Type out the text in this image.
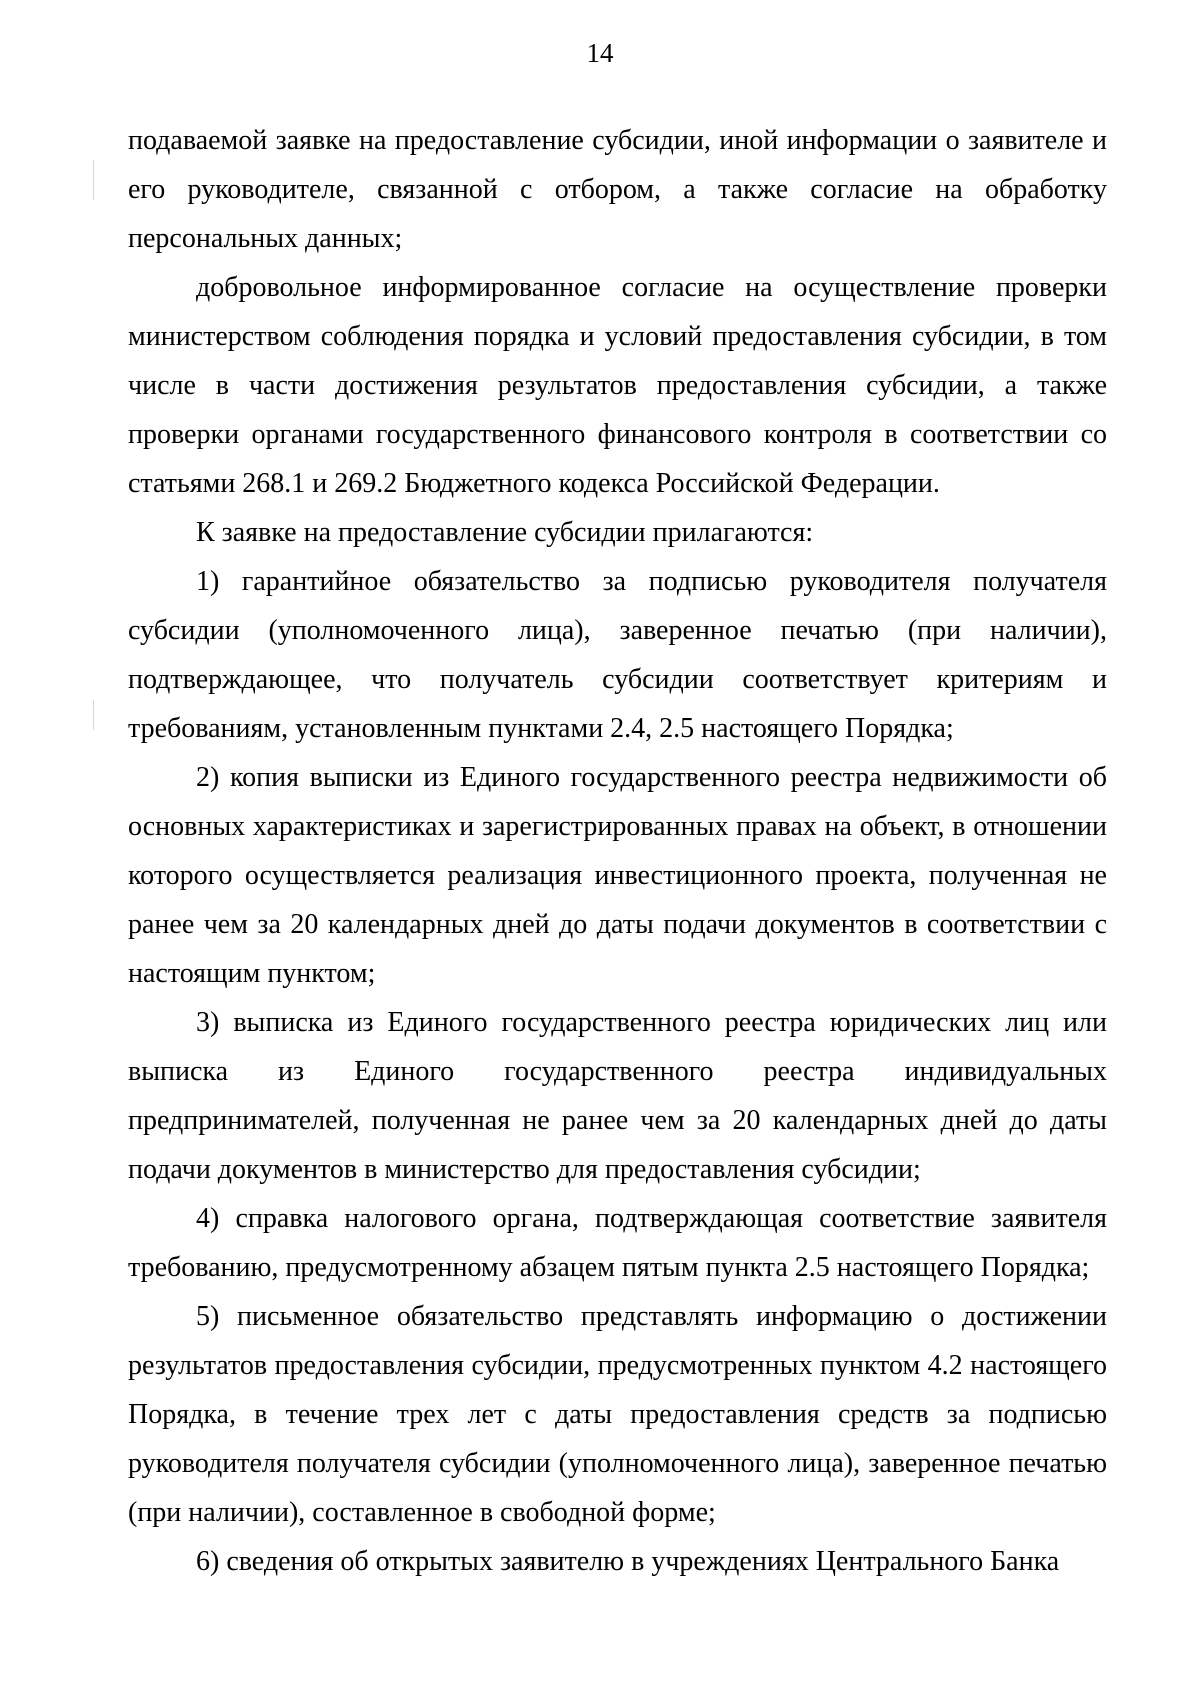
14

подаваемой заявке на предоставление субсидии, иной информации о заявителе и его руководителе, связанной с отбором, а также согласие на обработку персональных данных;

добровольное информированное согласие на осуществление проверки министерством соблюдения порядка и условий предоставления субсидии, в том числе в части достижения результатов предоставления субсидии, а также проверки органами государственного финансового контроля в соответствии со статьями 268.1 и 269.2 Бюджетного кодекса Российской Федерации.

К заявке на предоставление субсидии прилагаются:

1) гарантийное обязательство за подписью руководителя получателя субсидии (уполномоченного лица), заверенное печатью (при наличии), подтверждающее, что получатель субсидии соответствует критериям и требованиям, установленным пунктами 2.4, 2.5 настоящего Порядка;

2) копия выписки из Единого государственного реестра недвижимости об основных характеристиках и зарегистрированных правах на объект, в отношении которого осуществляется реализация инвестиционного проекта, полученная не ранее чем за 20 календарных дней до даты подачи документов в соответствии с настоящим пунктом;

3) выписка из Единого государственного реестра юридических лиц или выписка из Единого государственного реестра индивидуальных предпринимателей, полученная не ранее чем за 20 календарных дней до даты подачи документов в министерство для предоставления субсидии;

4) справка налогового органа, подтверждающая соответствие заявителя требованию, предусмотренному абзацем пятым пункта 2.5 настоящего Порядка;

5) письменное обязательство представлять информацию о достижении результатов предоставления субсидии, предусмотренных пунктом 4.2 настоящего Порядка, в течение трех лет с даты предоставления средств за подписью руководителя получателя субсидии (уполномоченного лица), заверенное печатью (при наличии), составленное в свободной форме;

6) сведения об открытых заявителю в учреждениях Центрального Банка
